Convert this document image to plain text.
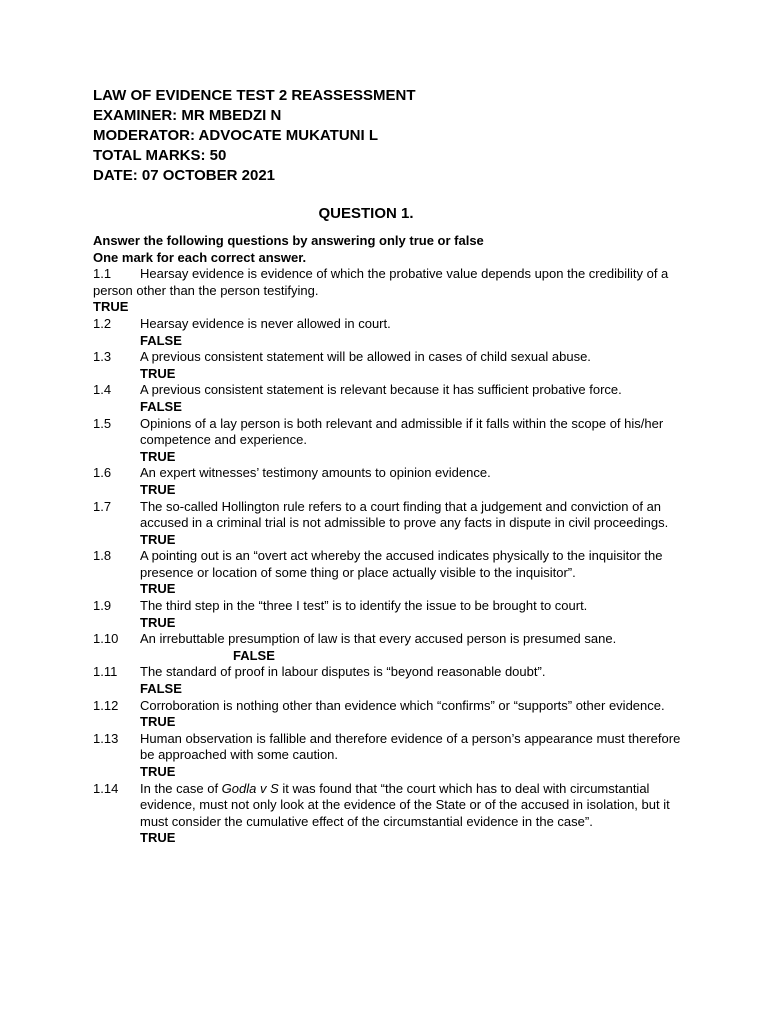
LAW OF EVIDENCE TEST 2 REASSESSMENT
EXAMINER: MR MBEDZI N
MODERATOR: ADVOCATE MUKATUNI L
TOTAL MARKS: 50
DATE: 07 OCTOBER 2021
QUESTION 1.
Answer the following questions by answering only true or false
One mark for each correct answer.
1.1 Hearsay evidence is evidence of which the probative value depends upon the credibility of a person other than the person testifying.
TRUE
1.2 Hearsay evidence is never allowed in court.
FALSE
1.3 A previous consistent statement will be allowed in cases of child sexual abuse.
TRUE
1.4 A previous consistent statement is relevant because it has sufficient probative force.
FALSE
1.5 Opinions of a lay person is both relevant and admissible if it falls within the scope of his/her competence and experience.
TRUE
1.6 An expert witnesses’ testimony amounts to opinion evidence.
TRUE
1.7 The so-called Hollington rule refers to a court finding that a judgement and conviction of an accused in a criminal trial is not admissible to prove any facts in dispute in civil proceedings.
TRUE
1.8 A pointing out is an “overt act whereby the accused indicates physically to the inquisitor the presence or location of some thing or place actually visible to the inquisitor”.
TRUE
1.9 The third step in the “three I test” is to identify the issue to be brought to court.
TRUE
1.10 An irrebuttable presumption of law is that every accused person is presumed sane.
FALSE
1.11 The standard of proof in labour disputes is “beyond reasonable doubt”.
FALSE
1.12 Corroboration is nothing other than evidence which “confirms” or “supports” other evidence.
TRUE
1.13 Human observation is fallible and therefore evidence of a person’s appearance must therefore be approached with some caution.
TRUE
1.14 In the case of Godla v S it was found that “the court which has to deal with circumstantial evidence, must not only look at the evidence of the State or of the accused in isolation, but it must consider the cumulative effect of the circumstantial evidence in the case”.
TRUE
